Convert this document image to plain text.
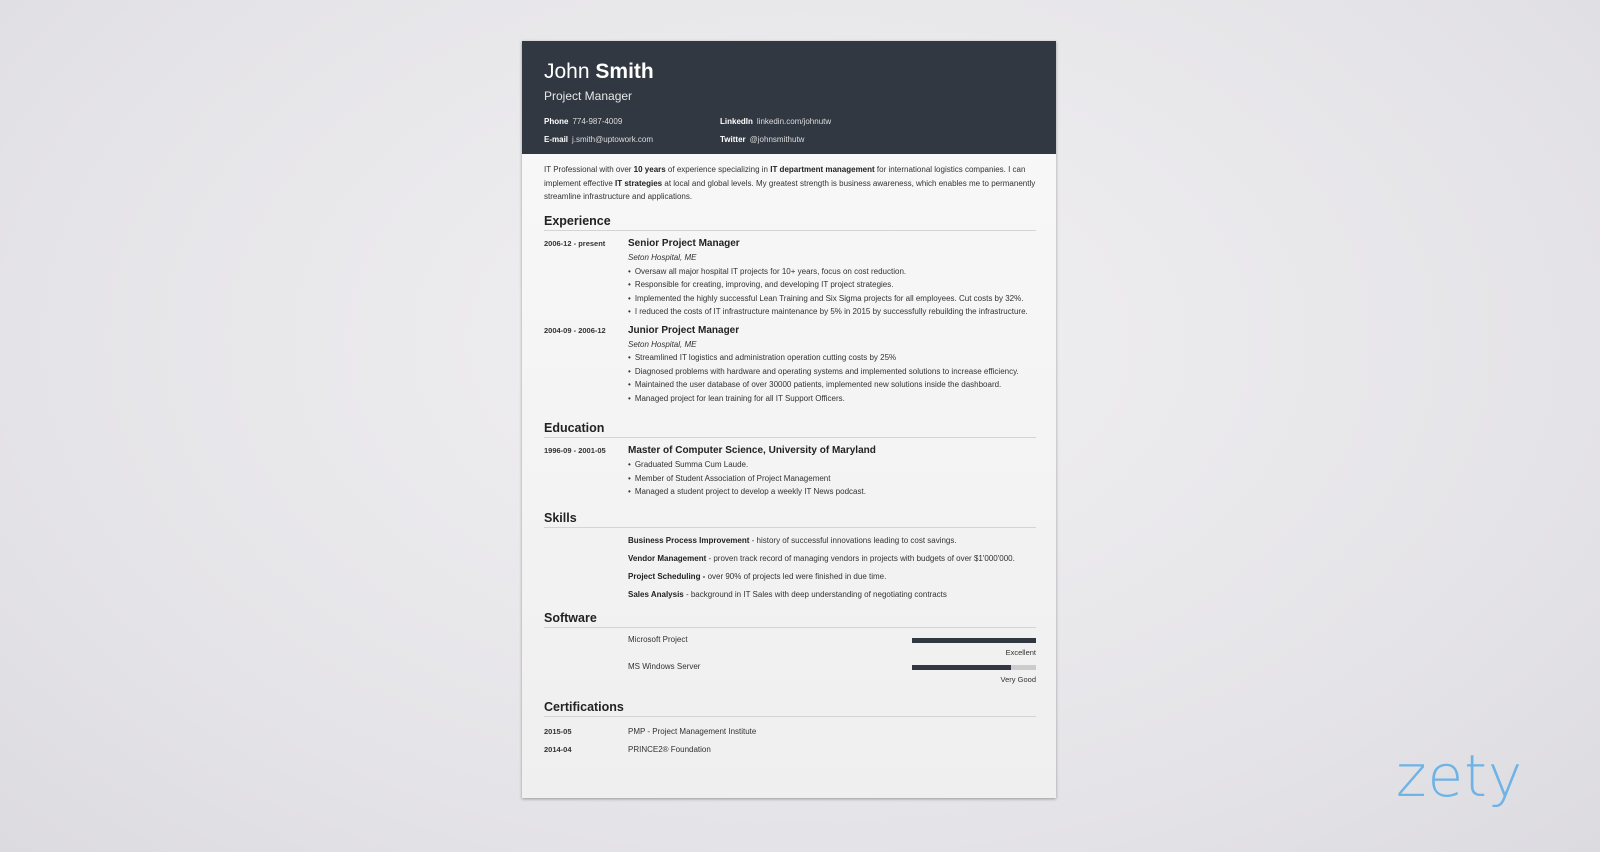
John Smith
Project Manager
Phone 774-987-4009
E-mail j.smith@uptowork.com
LinkedIn linkedin.com/johnutw
Twitter @johnsmithutw
IT Professional with over 10 years of experience specializing in IT department management for international logistics companies. I can implement effective IT strategies at local and global levels. My greatest strength is business awareness, which enables me to permanently streamline infrastructure and applications.
Experience
2006-12 - present	Senior Project Manager
Seton Hospital, ME
• Oversaw all major hospital IT projects for 10+ years, focus on cost reduction.
• Responsible for creating, improving, and developing IT project strategies.
• Implemented the highly successful Lean Training and Six Sigma projects for all employees. Cut costs by 32%.
• I reduced the costs of IT infrastructure maintenance by 5% in 2015 by successfully rebuilding the infrastructure.
2004-09 - 2006-12	Junior Project Manager
Seton Hospital, ME
• Streamlined IT logistics and administration operation cutting costs by 25%
• Diagnosed problems with hardware and operating systems and implemented solutions to increase efficiency.
• Maintained the user database of over 30000 patients, implemented new solutions inside the dashboard.
• Managed project for lean training for all IT Support Officers.
Education
1996-09 - 2001-05	Master of Computer Science, University of Maryland
• Graduated Summa Cum Laude.
• Member of Student Association of Project Management
• Managed a student project to develop a weekly IT News podcast.
Skills
Business Process Improvement - history of successful innovations leading to cost savings.
Vendor Management - proven track record of managing vendors in projects with budgets of over $1'000'000.
Project Scheduling - over 90% of projects led were finished in due time.
Sales Analysis - background in IT Sales with deep understanding of negotiating contracts
Software
Microsoft Project
Excellent
MS Windows Server
Very Good
Certifications
2015-05	PMP - Project Management Institute
2014-04	PRINCE2® Foundation	zety
